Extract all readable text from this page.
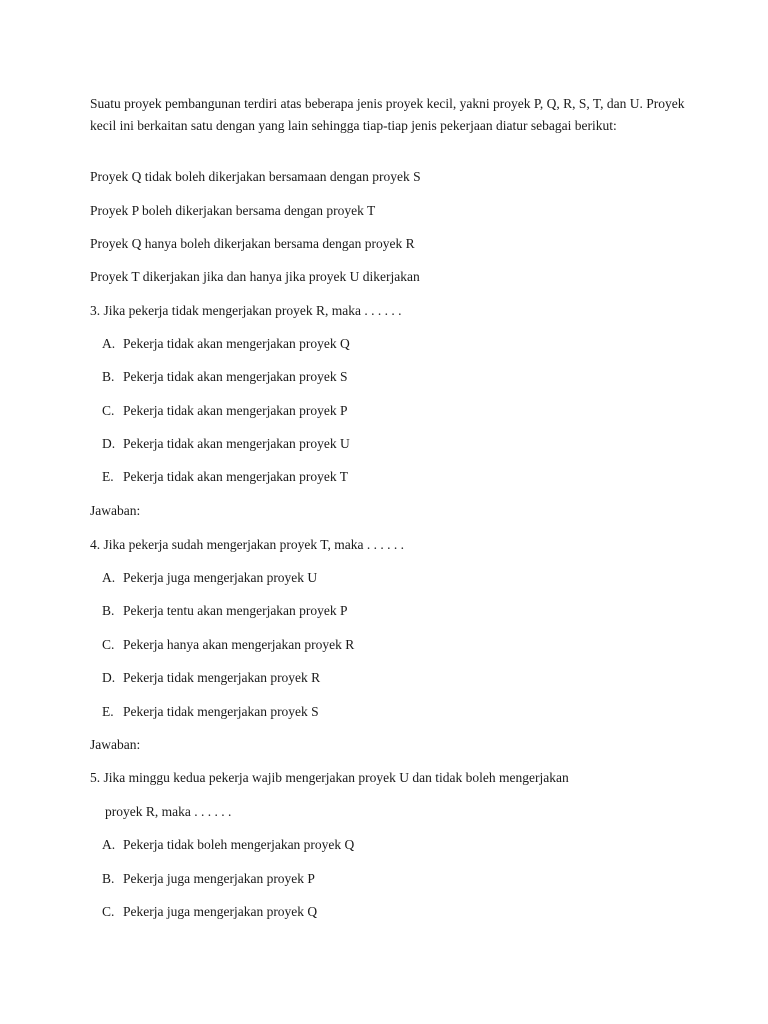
Suatu proyek pembangunan terdiri atas beberapa jenis proyek kecil, yakni proyek P, Q, R, S, T, dan U. Proyek kecil ini berkaitan satu dengan yang lain sehingga tiap-tiap jenis pekerjaan diatur sebagai berikut:
Proyek Q tidak boleh dikerjakan bersamaan dengan proyek S
Proyek P boleh dikerjakan bersama dengan proyek T
Proyek Q hanya boleh dikerjakan bersama dengan proyek R
Proyek T dikerjakan jika dan hanya jika proyek U dikerjakan
3. Jika pekerja tidak mengerjakan proyek R, maka . . . . . .
A. Pekerja tidak akan mengerjakan proyek Q
B. Pekerja tidak akan mengerjakan proyek S
C. Pekerja tidak akan mengerjakan proyek P
D. Pekerja tidak akan mengerjakan proyek U
E. Pekerja tidak akan mengerjakan proyek T
Jawaban:
4. Jika pekerja sudah mengerjakan proyek T, maka . . . . . .
A. Pekerja juga mengerjakan proyek U
B. Pekerja tentu akan mengerjakan proyek P
C. Pekerja hanya akan mengerjakan proyek R
D. Pekerja tidak mengerjakan proyek R
E. Pekerja tidak mengerjakan proyek S
Jawaban:
5. Jika minggu kedua pekerja wajib mengerjakan proyek U dan tidak boleh mengerjakan
proyek R, maka . . . . . .
A. Pekerja tidak boleh mengerjakan proyek Q
B. Pekerja juga mengerjakan proyek P
C. Pekerja juga mengerjakan proyek Q
